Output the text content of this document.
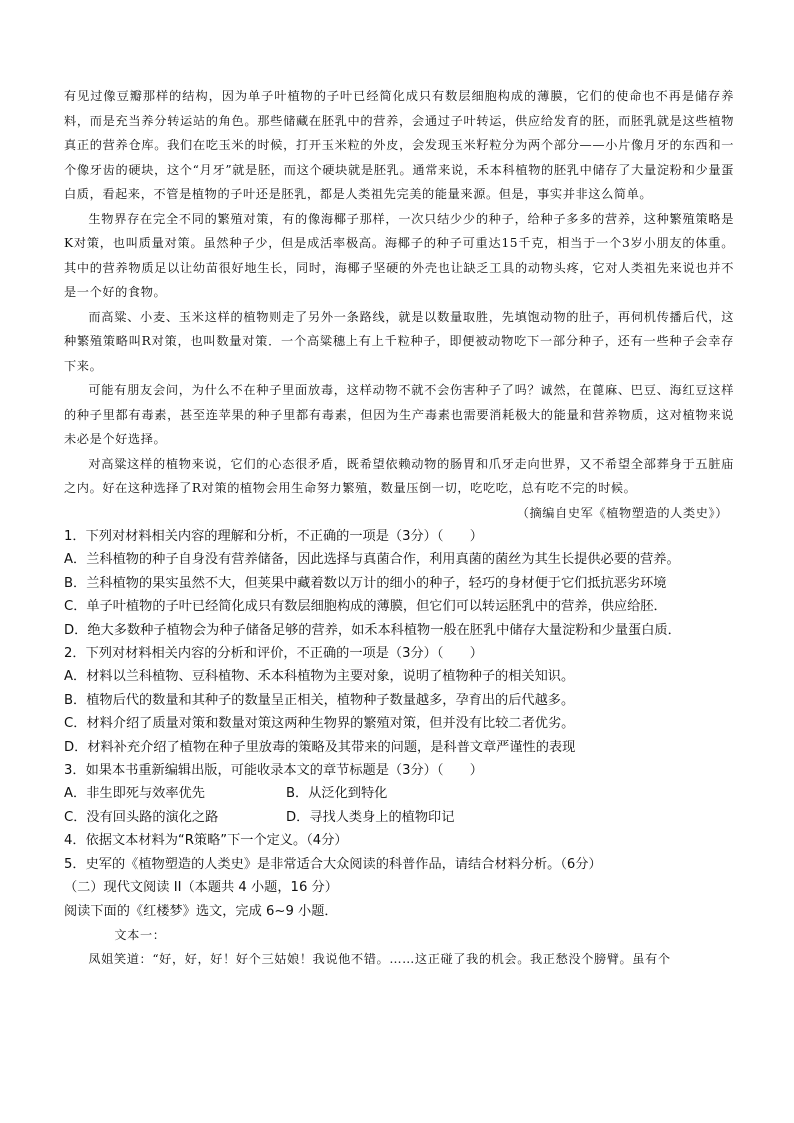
有见过像豆瓣那样的结构，因为单子叶植物的子叶已经简化成只有数层细胞构成的薄膜，它们的使命也不再是储存养料，而是充当养分转运站的角色。那些储藏在胚乳中的营养，会通过子叶转运，供应给发育的胚，而胚乳就是这些植物真正的营养仓库。我们在吃玉米的时候，打开玉米粒的外皮，会发现玉米籽粒分为两个部分——小片像月牙的东西和一个像牙齿的硬块，这个“月牙”就是胚，而这个硬块就是胚乳。通常来说，禾本科植物的胚乳中储存了大量淀粉和少量蛋白质，看起来，不管是植物的子叶还是胚乳，都是人类祖先完美的能量来源。但是，事实并非这么简单。

生物界存在完全不同的繁殖对策，有的像海椰子那样，一次只结少少的种子，给种子多多的营养，这种繁殖策略是K对策，也叫质量对策。虽然种子少，但是成活率极高。海椰子的种子可重达15千克，相当于一个3岁小朋友的体重。其中的营养物质足以让幼苗很好地生长，同时，海椰子坚硬的外壳也让缺乏工具的动物头疼，它对人类祖先来说也并不是一个好的食物。

而高粱、小麦、玉米这样的植物则走了另外一条路线，就是以数量取胜，先填饱动物的肚子，再伺机传播后代，这种繁殖策略叫R对策，也叫数量对策．一个高粱穗上有上千粒种子，即便被动物吃下一部分种子，还有一些种子会幸存下来。

可能有朋友会问，为什么不在种子里面放毒，这样动物不就不会伤害种子了吗？诚然，在蓖麻、巴豆、海红豆这样的种子里都有毒素，甚至连苹果的种子里都有毒素，但因为生产毒素也需要消耗极大的能量和营养物质，这对植物来说未必是个好选择。

对高粱这样的植物来说，它们的心态很矛盾，既希望依赖动物的肠胃和爪牙走向世界，又不希望全部葬身于五脏庙之内。好在这种选择了R对策的植物会用生命努力繁殖，数量压倒一切，吃吃吃，总有吃不完的时候。

（摘编自史军《植物塑造的人类史》）

1．下列对材料相关内容的理解和分析，不正确的一项是（3分）（　　）

A．兰科植物的种子自身没有营养储备，因此选择与真菌合作，利用真菌的菌丝为其生长提供必要的营养。

B．兰科植物的果实虽然不大，但荚果中藏着数以万计的细小的种子，轻巧的身材便于它们抵抗恶劣环境

C．单子叶植物的子叶已经简化成只有数层细胞构成的薄膜，但它们可以转运胚乳中的营养，供应给胚．

D．绝大多数种子植物会为种子储备足够的营养，如禾本科植物一般在胚乳中储存大量淀粉和少量蛋白质．

2．下列对材料相关内容的分析和评价，不正确的一项是（3分）（　　）

A．材料以兰科植物、豆科植物、禾本科植物为主要对象，说明了植物种子的相关知识。

B．植物后代的数量和其种子的数量呈正相关，植物种子数量越多，孕育出的后代越多。

C．材料介绍了质量对策和数量对策这两种生物界的繁殖对策，但并没有比较二者优劣。

D．材料补充介绍了植物在种子里放毒的策略及其带来的问题，是科普文章严谨性的表现

3．如果本书重新编辑出版，可能收录本文的章节标题是（3分）（　　）

A．非生即死与效率优先	B．从泛化到特化

C．没有回头路的演化之路	D．寻找人类身上的植物印记

4．依据文本材料为“R策略”下一个定义。（4分）

5．史军的《植物塑造的人类史》是非常适合大众阅读的科普作品，请结合材料分析。（6分）

（二）现代文阅读 II（本题共 4 小题，16 分）

阅读下面的《红楼梦》选文，完成 6~9 小题．

文本一：

凤姐笑道：“好，好，好！好个三姑娘！我说他不错。……这正碰了我的机会。我正愁没个膀臂。虽有个
